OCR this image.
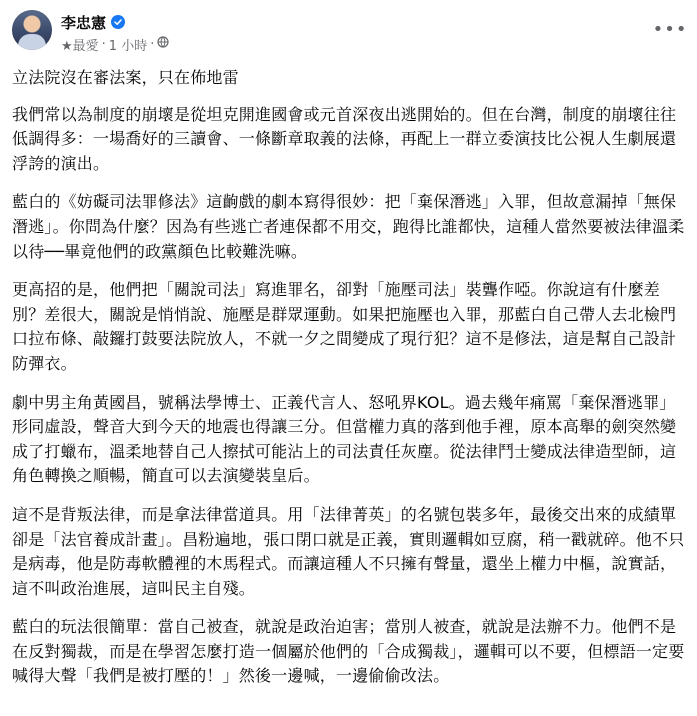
李忠憲
★最愛 · 1 小時 ·
•••

立法院沒在審法案，只在佈地雷

我們常以為制度的崩壞是從坦克開進國會或元首深夜出逃開始的。但在台灣，制度的崩壞往往低調得多：一場喬好的三讀會、一條斷章取義的法條，再配上一群立委演技比公視人生劇展還浮誇的演出。

藍白的《妨礙司法罪修法》這齣戲的劇本寫得很妙：把「棄保潛逃」入罪，但故意漏掉「無保潛逃」。你問為什麼？因為有些逃亡者連保都不用交，跑得比誰都快，這種人當然要被法律溫柔以待──畢竟他們的政黨顏色比較難洗嘛。

更高招的是，他們把「關說司法」寫進罪名，卻對「施壓司法」裝聾作啞。你說這有什麼差別？差很大，關說是悄悄說、施壓是群眾運動。如果把施壓也入罪，那藍白自己帶人去北檢門口拉布條、敲鑼打鼓要法院放人，不就一夕之間變成了現行犯？這不是修法，這是幫自己設計防彈衣。

劇中男主角黃國昌，號稱法學博士、正義代言人、怒吼界KOL。過去幾年痛罵「棄保潛逃罪」形同虛設，聲音大到今天的地震也得讓三分。但當權力真的落到他手裡，原本高舉的劍突然變成了打蠟布，溫柔地替自己人擦拭可能沾上的司法責任灰塵。從法律鬥士變成法律造型師，這角色轉換之順暢，簡直可以去演變裝皇后。

這不是背叛法律，而是拿法律當道具。用「法律菁英」的名號包裝多年，最後交出來的成績單卻是「法官養成計畫」。昌粉遍地，張口閉口就是正義，實則邏輯如豆腐，稍一戳就碎。他不只是病毒，他是防毒軟體裡的木馬程式。而讓這種人不只擁有聲量，還坐上權力中樞，說實話，這不叫政治進展，這叫民主自殘。

藍白的玩法很簡單：當自己被查，就說是政治迫害；當別人被查，就說是法辦不力。他們不是在反對獨裁，而是在學習怎麼打造一個屬於他們的「合成獨裁」，邏輯可以不要，但標語一定要喊得大聲「我們是被打壓的！」然後一邊喊，一邊偷偷改法。
